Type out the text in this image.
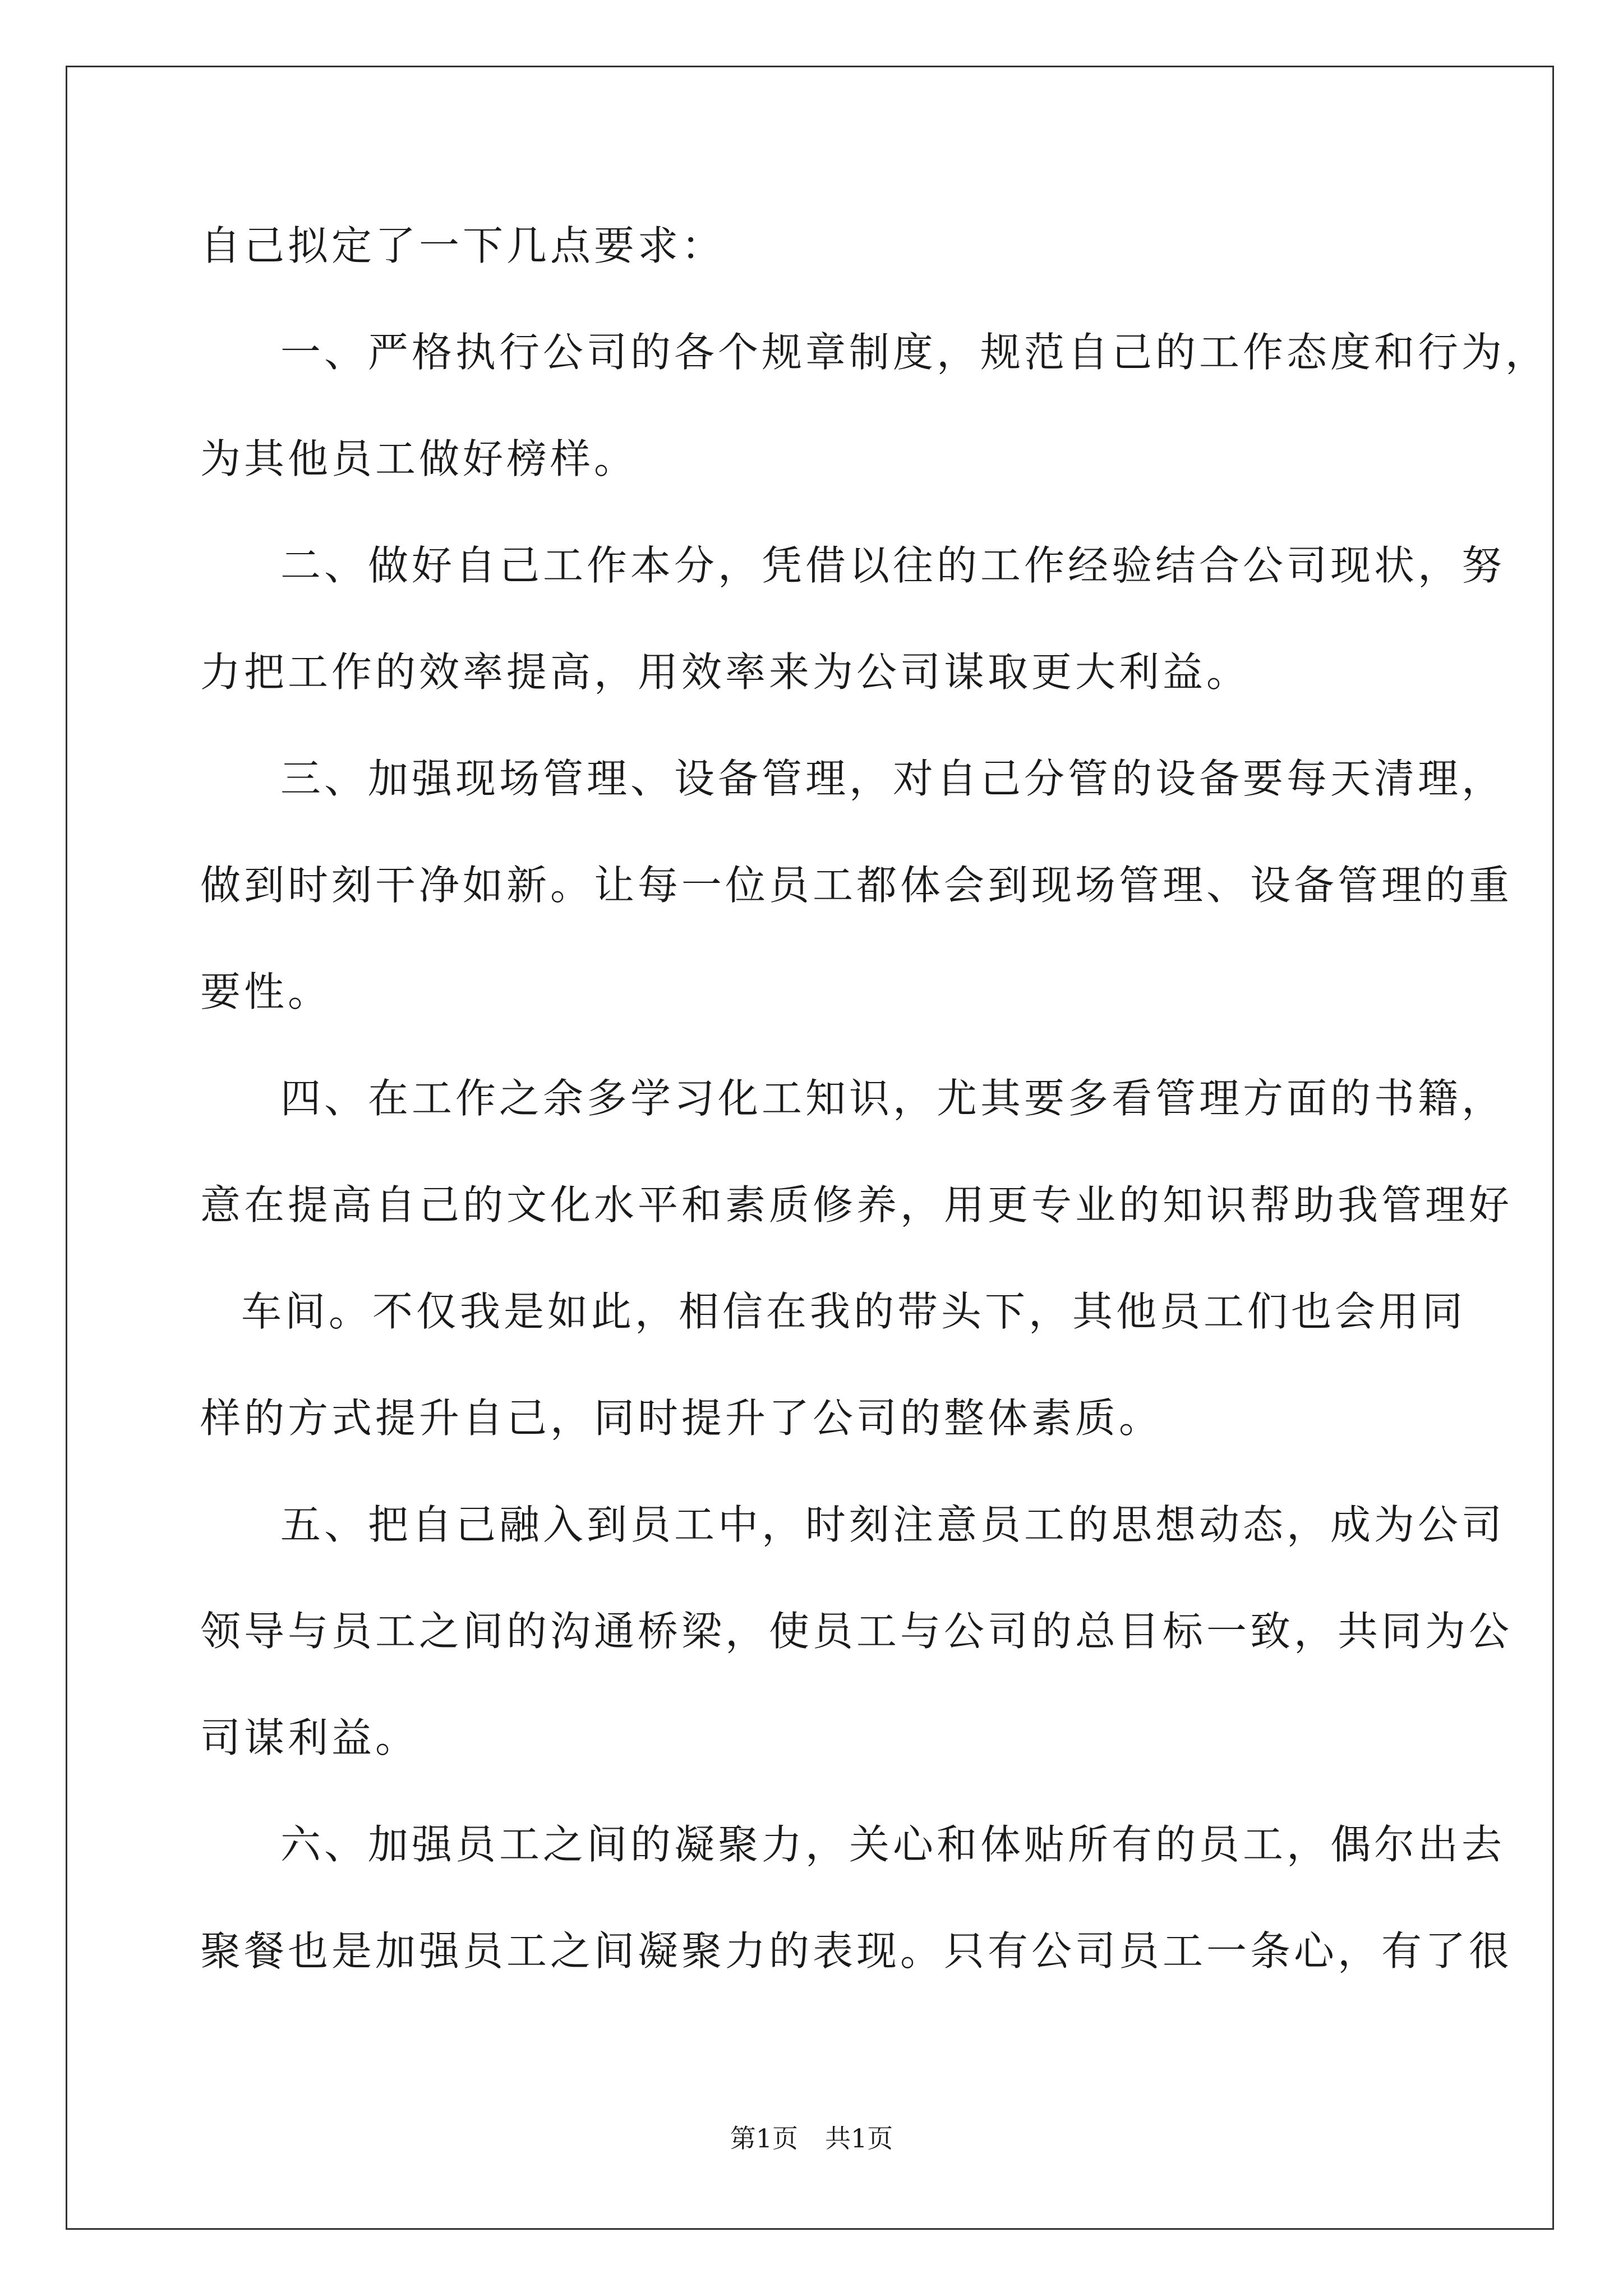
自己拟定了一下几点要求：
一、严格执行公司的各个规章制度，规范自己的工作态度和行为，
为其他员工做好榜样。
二、做好自己工作本分，凭借以往的工作经验结合公司现状，努
力把工作的效率提高，用效率来为公司谋取更大利益。
三、加强现场管理、设备管理，对自己分管的设备要每天清理，
做到时刻干净如新。让每一位员工都体会到现场管理、设备管理的重
要性。
四、在工作之余多学习化工知识，尤其要多看管理方面的书籍，
意在提高自己的文化水平和素质修养，用更专业的知识帮助我管理好
车间。不仅我是如此，相信在我的带头下，其他员工们也会用同
样的方式提升自己，同时提升了公司的整体素质。
五、把自己融入到员工中，时刻注意员工的思想动态，成为公司
领导与员工之间的沟通桥梁，使员工与公司的总目标一致，共同为公
司谋利益。
六、加强员工之间的凝聚力，关心和体贴所有的员工，偶尔出去
聚餐也是加强员工之间凝聚力的表现。只有公司员工一条心，有了很
第1页 共1页
